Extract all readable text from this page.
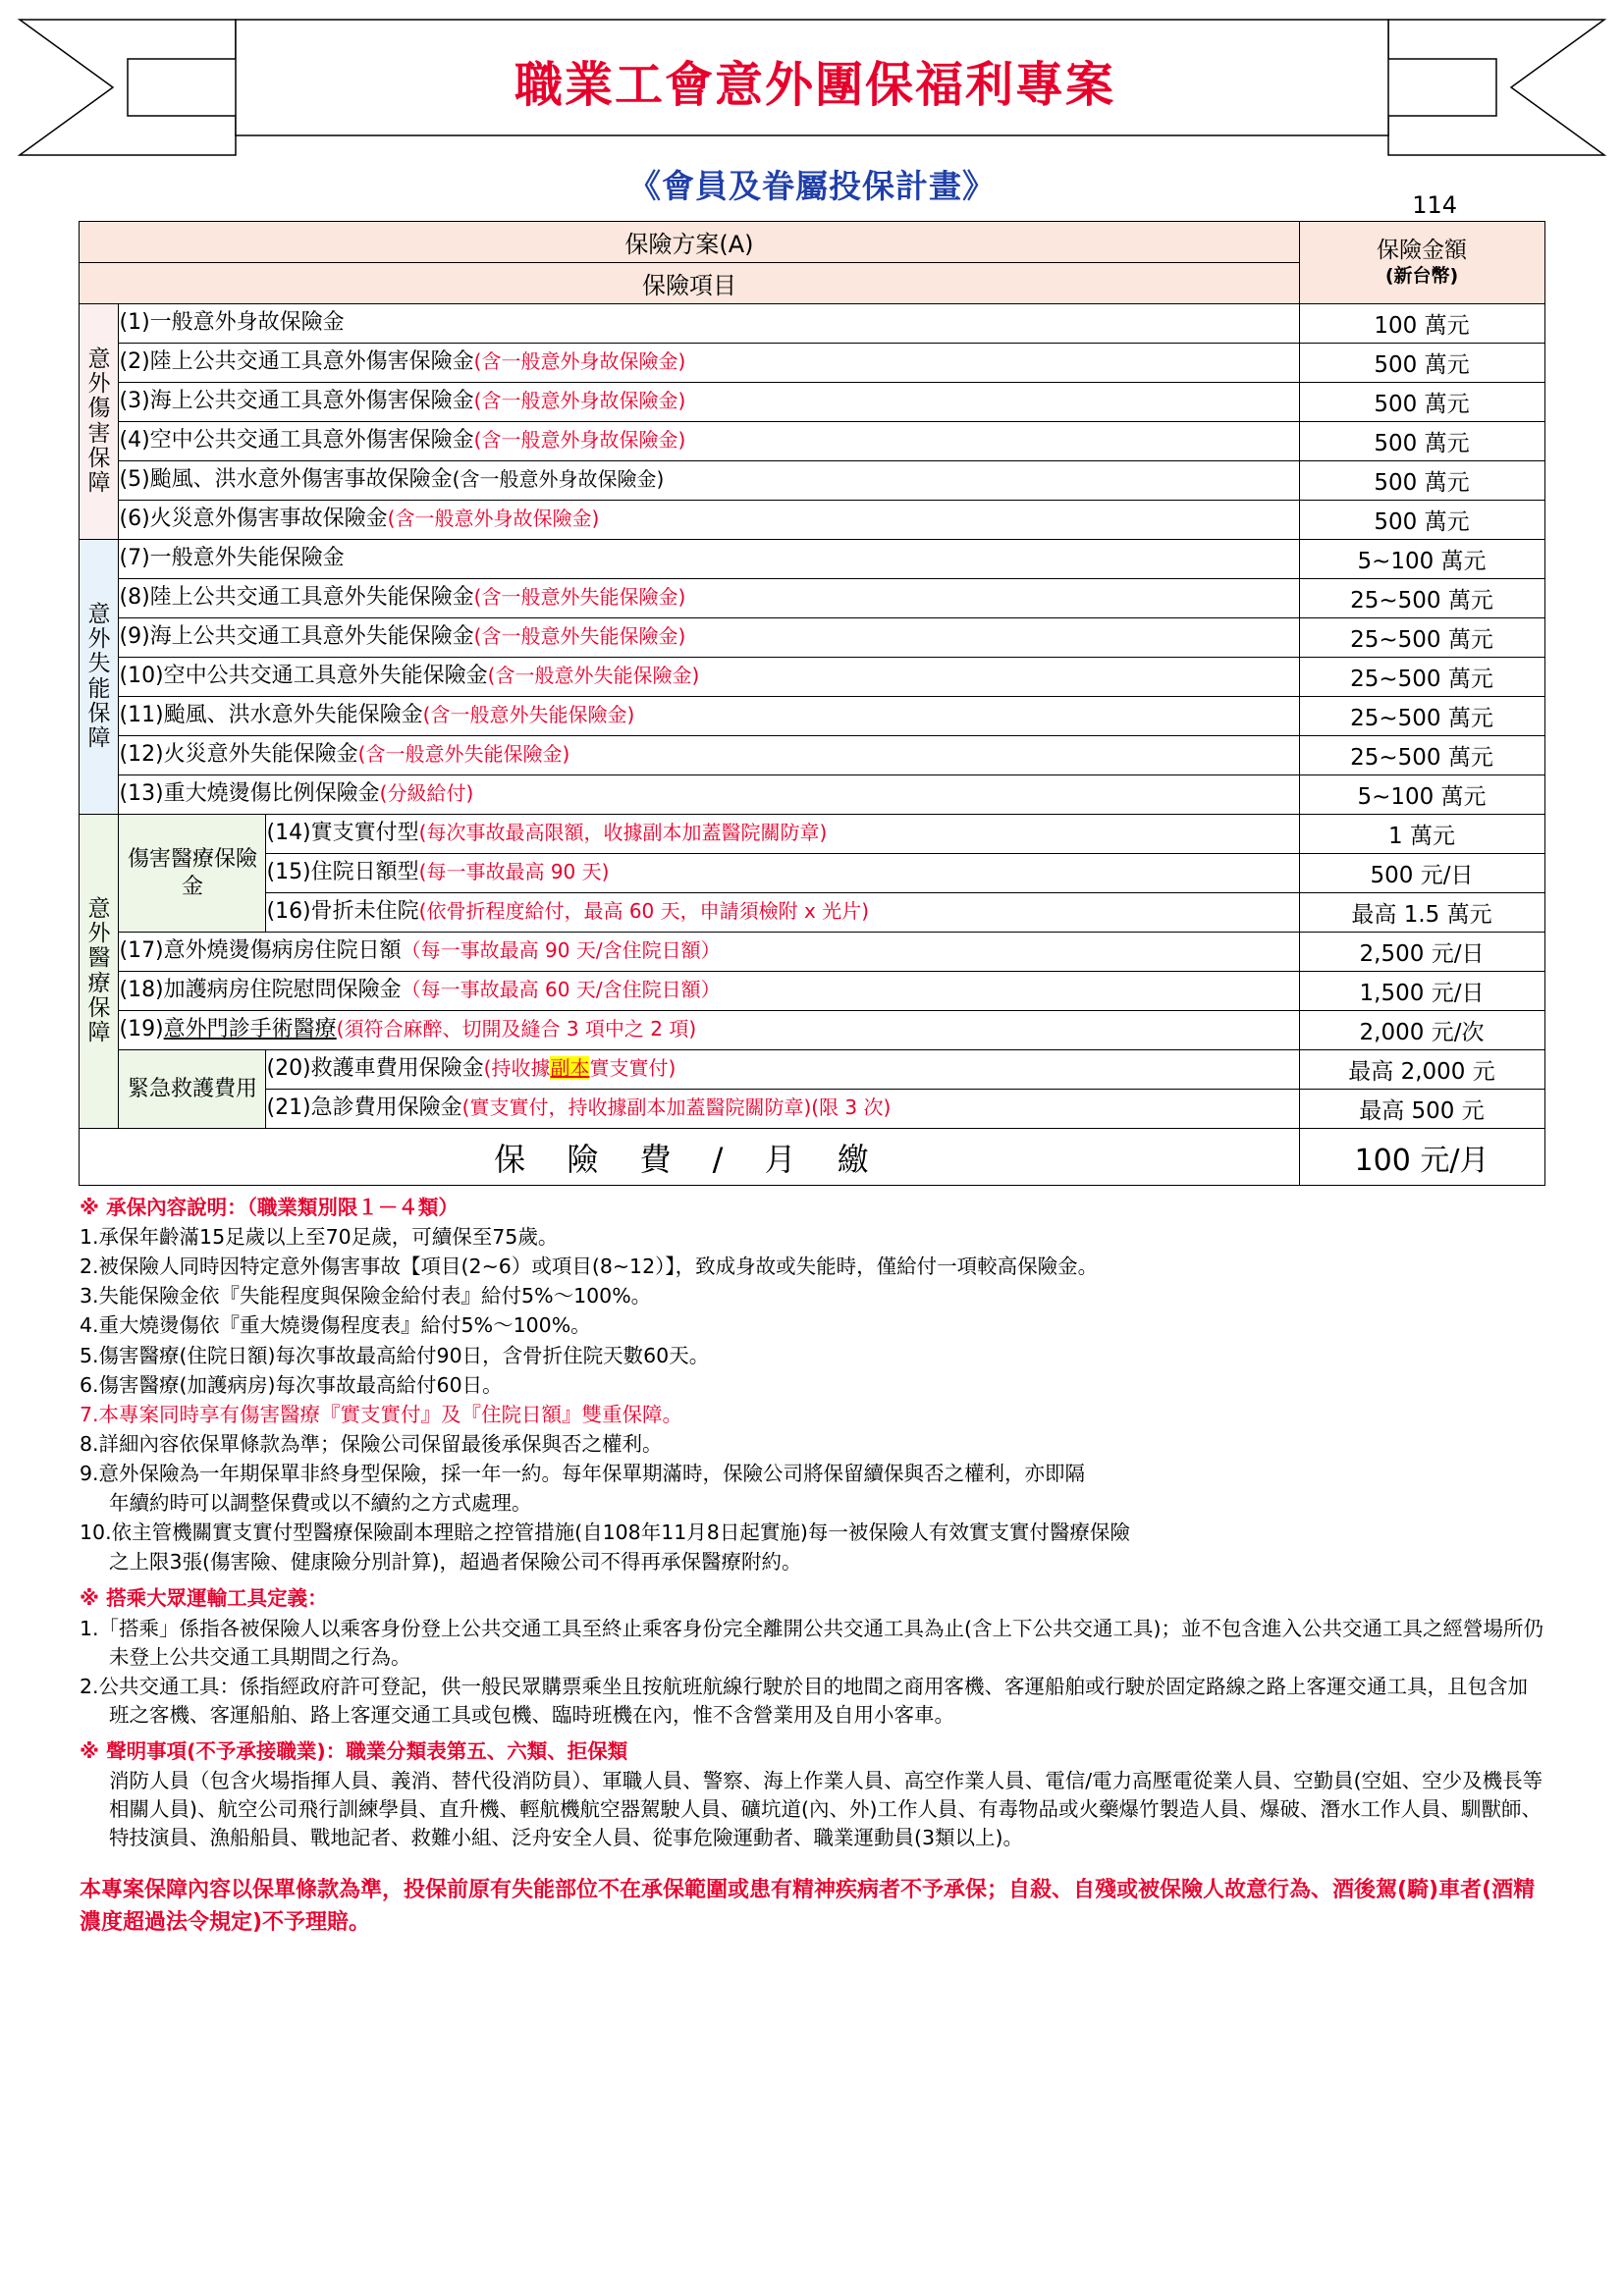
職業工會意外團保福利專案
《會員及眷屬投保計畫》	114
保險方案(A)			保險金額
(新台幣)

保險項目			
意外傷害保障	(1)一般意外身故保險金		100 萬元
	(2)陸上公共交通工具意外傷害保險金(含一般意外身故保險金)		500 萬元
	(3)海上公共交通工具意外傷害保險金(含一般意外身故保險金)		500 萬元
	(4)空中公共交通工具意外傷害保險金(含一般意外身故保險金)		500 萬元
	(5)颱風、洪水意外傷害事故保險金(含一般意外身故保險金)		500 萬元
	(6)火災意外傷害事故保險金(含一般意外身故保險金)		500 萬元
意外失能保障	(7)一般意外失能保險金		5~100 萬元
	(8)陸上公共交通工具意外失能保險金(含一般意外失能保險金)		25~500 萬元
	(9)海上公共交通工具意外失能保險金(含一般意外失能保險金)		25~500 萬元
	(10)空中公共交通工具意外失能保險金(含一般意外失能保險金)		25~500 萬元
	(11)颱風、洪水意外失能保險金(含一般意外失能保險金)		25~500 萬元
	(12)火災意外失能保險金(含一般意外失能保險金)		25~500 萬元
	(13)重大燒燙傷比例保險金(分級給付)		5~100 萬元
意外醫療保障	傷害醫療保險金	(14)實支實付型(每次事故最高限額，收據副本加蓋醫院關防章)	1 萬元
		(15)住院日額型(每一事故最高 90 天)	500 元/日
		(16)骨折未住院(依骨折程度給付，最高 60 天，申請須檢附 x 光片)	最高 1.5 萬元
	(17)意外燒燙傷病房住院日額（每一事故最高 90 天/含住院日額）		2,500 元/日
	(18)加護病房住院慰問保險金（每一事故最高 60 天/含住院日額）		1,500 元/日
	(19)意外門診手術醫療(須符合麻醉、切開及縫合 3 項中之 2 項)		2,000 元/次
	緊急救護費用	(20)救護車費用保險金(持收據副本實支實付)	最高 2,000 元
		(21)急診費用保險金(實支實付，持收據副本加蓋醫院關防章)(限 3 次)	最高 500 元
保 險 費 / 月 繳			100 元/月

※ 承保內容說明：（職業類別限１－４類）

1.承保年齡滿15足歲以上至70足歲，可續保至75歲。

2.被保險人同時因特定意外傷害事故【項目(2~6）或項目(8~12）】，致成身故或失能時，僅給付一項較高保險金。

3.失能保險金依『失能程度與保險金給付表』給付5%～100%。

4.重大燒燙傷依『重大燒燙傷程度表』給付5%～100%。

5.傷害醫療(住院日額)每次事故最高給付90日，含骨折住院天數60天。

6.傷害醫療(加護病房)每次事故最高給付60日。

7.本專案同時享有傷害醫療『實支實付』及『住院日額』雙重保障。

8.詳細內容依保單條款為準；保險公司保留最後承保與否之權利。

9.意外保險為一年期保單非終身型保險，採一年一約。每年保單期滿時，保險公司將保留續保與否之權利，亦即隔

年續約時可以調整保費或以不續約之方式處理。

10.依主管機關實支實付型醫療保險副本理賠之控管措施(自108年11月8日起實施)每一被保險人有效實支實付醫療保險

之上限3張(傷害險、健康險分別計算)，超過者保險公司不得再承保醫療附約。

※ 搭乘大眾運輸工具定義：

1.「搭乘」係指各被保險人以乘客身份登上公共交通工具至終止乘客身份完全離開公共交通工具為止(含上下公共交通工具)；並不包含進入公共交通工具之經營場所仍未登上公共交通工具期間之行為。

2.公共交通工具：係指經政府許可登記，供一般民眾購票乘坐且按航班航線行駛於目的地間之商用客機、客運船舶或行駛於固定路線之路上客運交通工具，且包含加班之客機、客運船舶、路上客運交通工具或包機、臨時班機在內，惟不含營業用及自用小客車。

※ 聲明事項(不予承接職業)：職業分類表第五、六類、拒保類

消防人員（包含火場指揮人員、義消、替代役消防員）、軍職人員、警察、海上作業人員、高空作業人員、電信/電力高壓電從業人員、空勤員(空姐、空少及機長等相關人員)、航空公司飛行訓練學員、直升機、輕航機航空器駕駛人員、礦坑道(內、外)工作人員、有毒物品或火藥爆竹製造人員、爆破、潛水工作人員、馴獸師、特技演員、漁船船員、戰地記者、救難小組、泛舟安全人員、從事危險運動者、職業運動員(3類以上)。

本專案保障內容以保單條款為準，投保前原有失能部位不在承保範圍或患有精神疾病者不予承保；自殺、自殘或被保險人故意行為、酒後駕(騎)車者(酒精濃度超過法令規定)不予理賠。
